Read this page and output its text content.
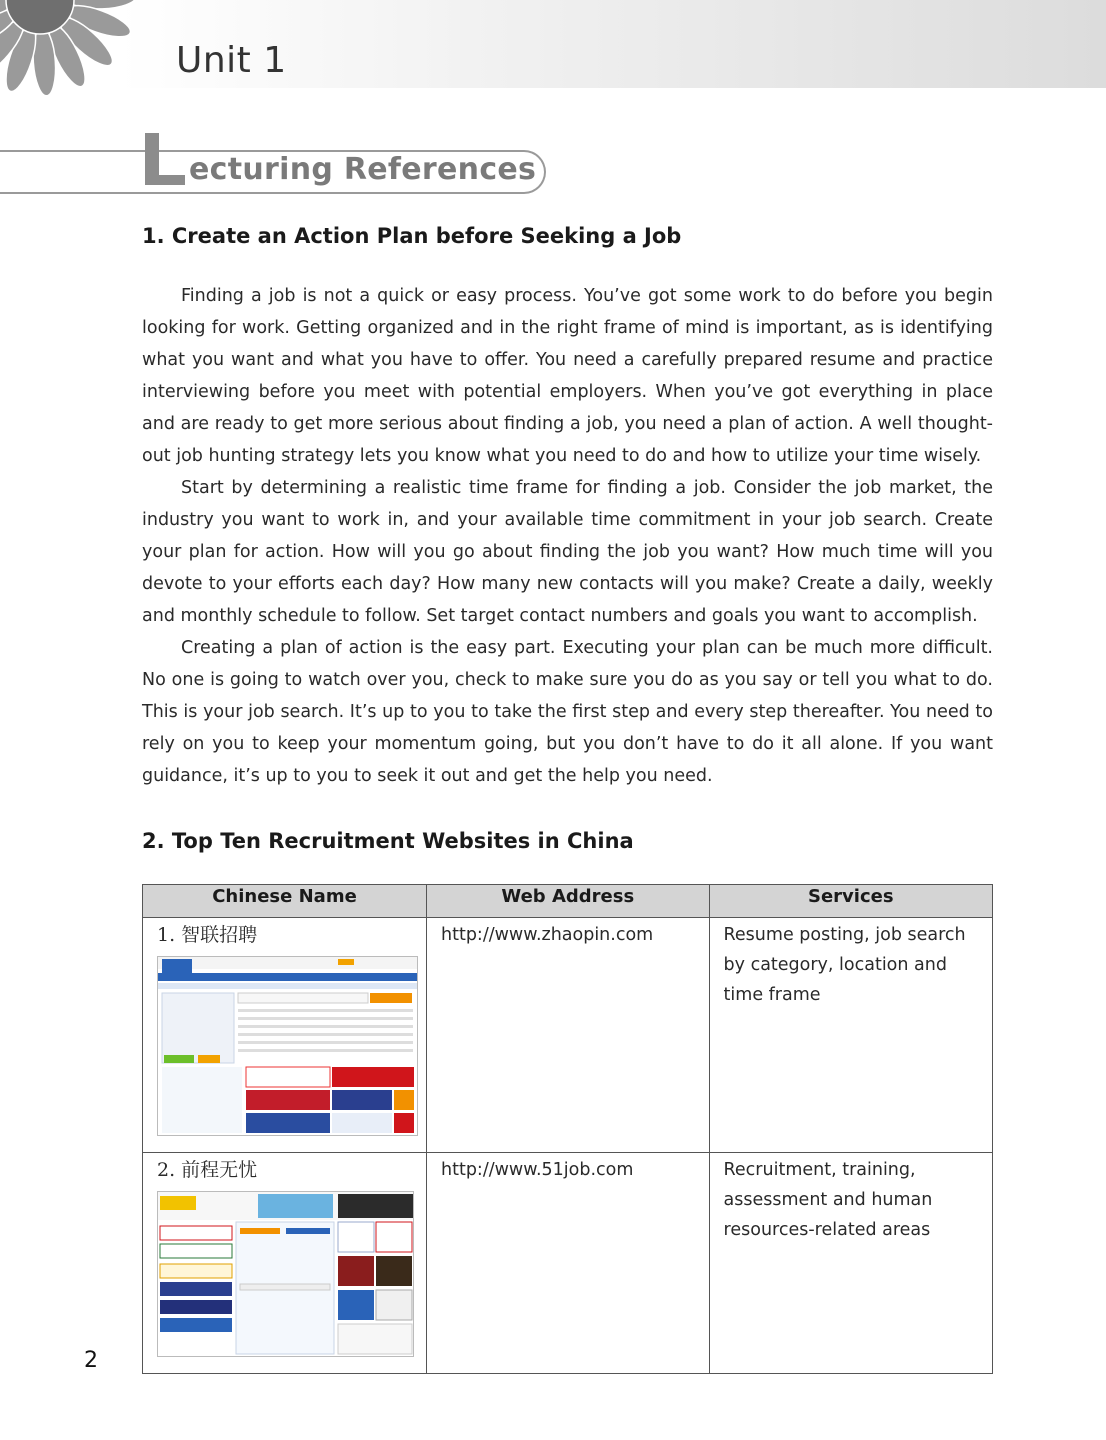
Unit 1
ecturing References
1. Create an Action Plan before Seeking a Job

Finding a job is not a quick or easy process. You’ve got some work to do before you begin looking for work. Getting organized and in the right frame of mind is important, as is identifying what you want and what you have to offer. You need a carefully prepared resume and practice interviewing before you meet with potential employers. When you’ve got everything in place and are ready to get more serious about finding a job, you need a plan of action. A well thought-out job hunting strategy lets you know what you need to do and how to utilize your time wisely.

Start by determining a realistic time frame for finding a job. Consider the job market, the industry you want to work in, and your available time commitment in your job search. Create your plan for action. How will you go about finding the job you want? How much time will you devote to your efforts each day? How many new contacts will you make? Create a daily, weekly and monthly schedule to follow. Set target contact numbers and goals you want to accomplish.

Creating a plan of action is the easy part. Executing your plan can be much more difficult. No one is going to watch over you, check to make sure you do as you say or tell you what to do. This is your job search. It’s up to you to take the first step and every step thereafter. You need to rely on you to keep your momentum going, but you don’t have to do it all alone. If you want guidance, it’s up to you to seek it out and get the help you need.

2. Top Ten Recruitment Websites in China
Chinese Name	Web Address	Services

1. 智联招聘	http://www.zhaopin.com	Resume posting, job search by category, location and time frame

2. 前程无忧	http://www.51job.com	Recruitment, training, assessment and human resources-related areas
2
